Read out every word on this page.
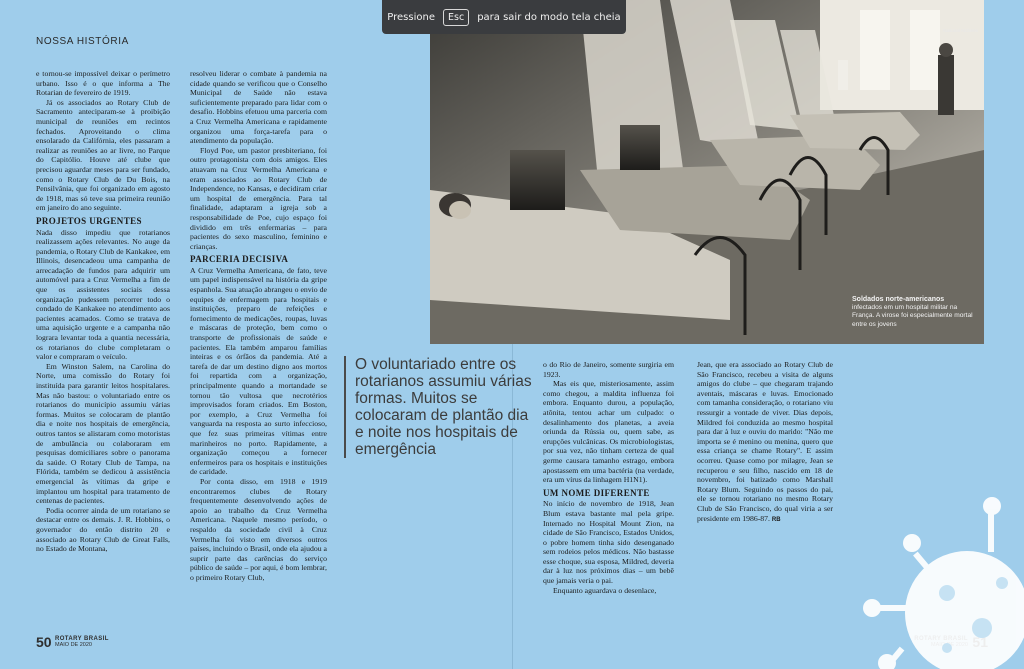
Pressione	Esc	para sair do modo tela cheia
NOSSA HISTÓRIA

e tornou-se impossível deixar o perímetro urbano. Isso é o que informa a The Rotarian de fevereiro de 1919.

Já os associados ao Rotary Club de Sacramento anteciparam-se à proibição municipal de reuniões em recintos fechados. Aproveitando o clima ensolarado da Califórnia, eles passaram a realizar as reuniões ao ar livre, no Parque do Capitólio. Houve até clube que precisou aguardar meses para ser fundado, como o Rotary Club de Du Bois, na Pensilvânia, que foi organizado em agosto de 1918, mas só teve sua primeira reunião em janeiro do ano seguinte.

PROJETOS URGENTES

Nada disso impediu que rotarianos realizassem ações relevantes. No auge da pandemia, o Rotary Club de Kankakee, em Illinois, desencadeou uma campanha de arrecadação de fundos para adquirir um automóvel para a Cruz Vermelha a fim de que os assistentes sociais dessa organização pudessem percorrer todo o condado de Kankakee no atendimento aos pacientes acamados. Como se tratava de uma aquisição urgente e a campanha não lograra levantar toda a quantia necessária, os rotarianos do clube completaram o valor e compraram o veículo.

Em Winston Salem, na Carolina do Norte, uma comissão do Rotary foi instituída para garantir leitos hospitalares. Mas não bastou: o voluntariado entre os rotarianos do município assumiu várias formas. Muitos se colocaram de plantão dia e noite nos hospitais de emergência, outros tantos se alistaram como motoristas de ambulância ou colaboraram em pesquisas domiciliares sobre o panorama da saúde. O Rotary Club de Tampa, na Flórida, também se dedicou à assistência emergencial às vítimas da gripe e implantou um hospital para tratamento de centenas de pacientes.

Podia ocorrer ainda de um rotariano se destacar entre os demais. J. R. Hobbins, o governador do então distrito 20 e associado ao Rotary Club de Great Falls, no Estado de Montana,

resolveu liderar o combate à pandemia na cidade quando se verificou que o Conselho Municipal de Saúde não estava suficientemente preparado para lidar com o desafio. Hobbins efetuou uma parceria com a Cruz Vermelha Americana e rapidamente organizou uma força-tarefa para o atendimento da população.

Floyd Poe, um pastor presbiteriano, foi outro protagonista com dois amigos. Eles atuavam na Cruz Vermelha Americana e eram associados ao Rotary Club de Independence, no Kansas, e decidiram criar um hospital de emergência. Para tal finalidade, adaptaram a igreja sob a responsabilidade de Poe, cujo espaço foi dividido em três enfermarias – para pacientes do sexo masculino, feminino e crianças.

PARCERIA DECISIVA

A Cruz Vermelha Americana, de fato, teve um papel indispensável na história da gripe espanhola. Sua atuação abrangeu o envio de equipes de enfermagem para hospitais e instituições, preparo de refeições e fornecimento de medicações, roupas, luvas e máscaras de proteção, bem como o transporte de profissionais de saúde e pacientes. Ela também amparou famílias inteiras e os órfãos da pandemia. Até a tarefa de dar um destino digno aos mortos foi repartida com a organização, principalmente quando a mortandade se tornou tão vultosa que necrotérios improvisados foram criados. Em Boston, por exemplo, a Cruz Vermelha foi vanguarda na resposta ao surto infeccioso, que fez suas primeiras vítimas entre marinheiros no porto. Rapidamente, a organização começou a fornecer enfermeiros para os hospitais e instituições de caridade.

Por conta disso, em 1918 e 1919 encontraremos clubes de Rotary frequentemente desenvolvendo ações de apoio ao trabalho da Cruz Vermelha Americana. Naquele mesmo período, o respaldo da sociedade civil à Cruz Vermelha foi visto em diversos outros países, incluindo o Brasil, onde ela ajudou a suprir parte das carências do serviço público de saúde – por aqui, é bom lembrar, o primeiro Rotary Club,

50 ROTARY BRASIL
MAIO DE 2020

o do Rio de Janeiro, somente surgiria em 1923.

Mas eis que, misteriosamente, assim como chegou, a maldita influenza foi embora. Enquanto durou, a população, atônita, tentou achar um culpado: o desalinhamento dos planetas, a aveia oriunda da Rússia ou, quem sabe, as erupções vulcânicas. Os microbiologistas, por sua vez, não tinham certeza de qual germe causara tamanho estrago, embora apostassem em uma bactéria (na verdade, era um vírus da linhagem H1N1).

UM NOME DIFERENTE

No início de novembro de 1918, Jean Blum estava bastante mal pela gripe. Internado no Hospital Mount Zion, na cidade de São Francisco, Estados Unidos, o pobre homem tinha sido desenganado sem rodeios pelos médicos. Não bastasse esse choque, sua esposa, Mildred, deveria dar à luz nos próximos dias – um bebê que jamais veria o pai.

Enquanto aguardava o desenlace,

Jean, que era associado ao Rotary Club de São Francisco, recebeu a visita de alguns amigos do clube – que chegaram trajando aventais, máscaras e luvas. Emocionado com tamanha consideração, o rotariano viu ressurgir a vontade de viver. Dias depois, Mildred foi conduzida ao mesmo hospital para dar à luz e ouviu do marido: "Não me importa se é menino ou menina, quero que essa criança se chame Rotary". E assim ocorreu. Quase como por milagre, Jean se recuperou e seu filho, nascido em 18 de novembro, foi batizado como Marshall Rotary Blum. Seguindo os passos do pai, ele se tornou rotariano no mesmo Rotary Club de São Francisco, do qual viria a ser presidente em 1986-87. RB

National Archives
Soldados norte-americanos
infectados em um hospital militar na França. A virose foi especialmente mortal entre os jovens
O voluntariado entre os rotarianos assumiu várias formas. Muitos se colocaram de plantão dia e noite nos hospitais de emergência
